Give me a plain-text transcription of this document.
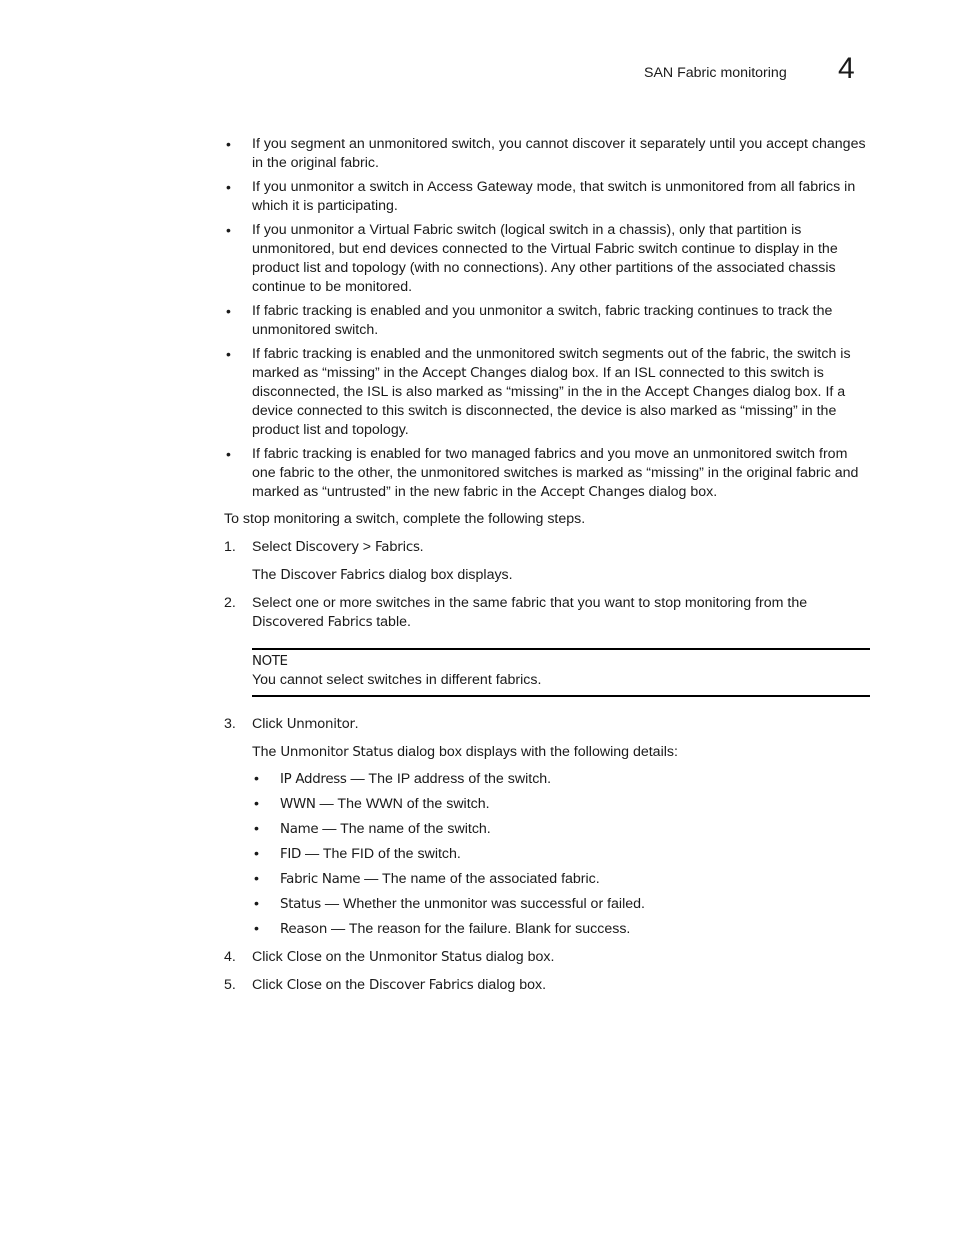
SAN Fabric monitoring 4
• If you segment an unmonitored switch, you cannot discover it separately until you accept changes in the original fabric.
• If you unmonitor a switch in Access Gateway mode, that switch is unmonitored from all fabrics in which it is participating.
• If you unmonitor a Virtual Fabric switch (logical switch in a chassis), only that partition is unmonitored, but end devices connected to the Virtual Fabric switch continue to display in the product list and topology (with no connections). Any other partitions of the associated chassis continue to be monitored.
• If fabric tracking is enabled and you unmonitor a switch, fabric tracking continues to track the unmonitored switch.
• If fabric tracking is enabled and the unmonitored switch segments out of the fabric, the switch is marked as “missing” in the Accept Changes dialog box. If an ISL connected to this switch is disconnected, the ISL is also marked as “missing” in the in the Accept Changes dialog box. If a device connected to this switch is disconnected, the device is also marked as “missing” in the product list and topology.
• If fabric tracking is enabled for two managed fabrics and you move an unmonitored switch from one fabric to the other, the unmonitored switches is marked as “missing” in the original fabric and marked as “untrusted” in the new fabric in the Accept Changes dialog box.

To stop monitoring a switch, complete the following steps.

1. Select Discovery > Fabrics.
The Discover Fabrics dialog box displays.
2. Select one or more switches in the same fabric that you want to stop monitoring from the Discovered Fabrics table.
NOTE
You cannot select switches in different fabrics.
3. Click Unmonitor.
The Unmonitor Status dialog box displays with the following details:
• IP Address — The IP address of the switch.
• WWN — The WWN of the switch.
• Name — The name of the switch.
• FID — The FID of the switch.
• Fabric Name — The name of the associated fabric.
• Status — Whether the unmonitor was successful or failed.
• Reason — The reason for the failure. Blank for success.
4. Click Close on the Unmonitor Status dialog box.
5. Click Close on the Discover Fabrics dialog box.
